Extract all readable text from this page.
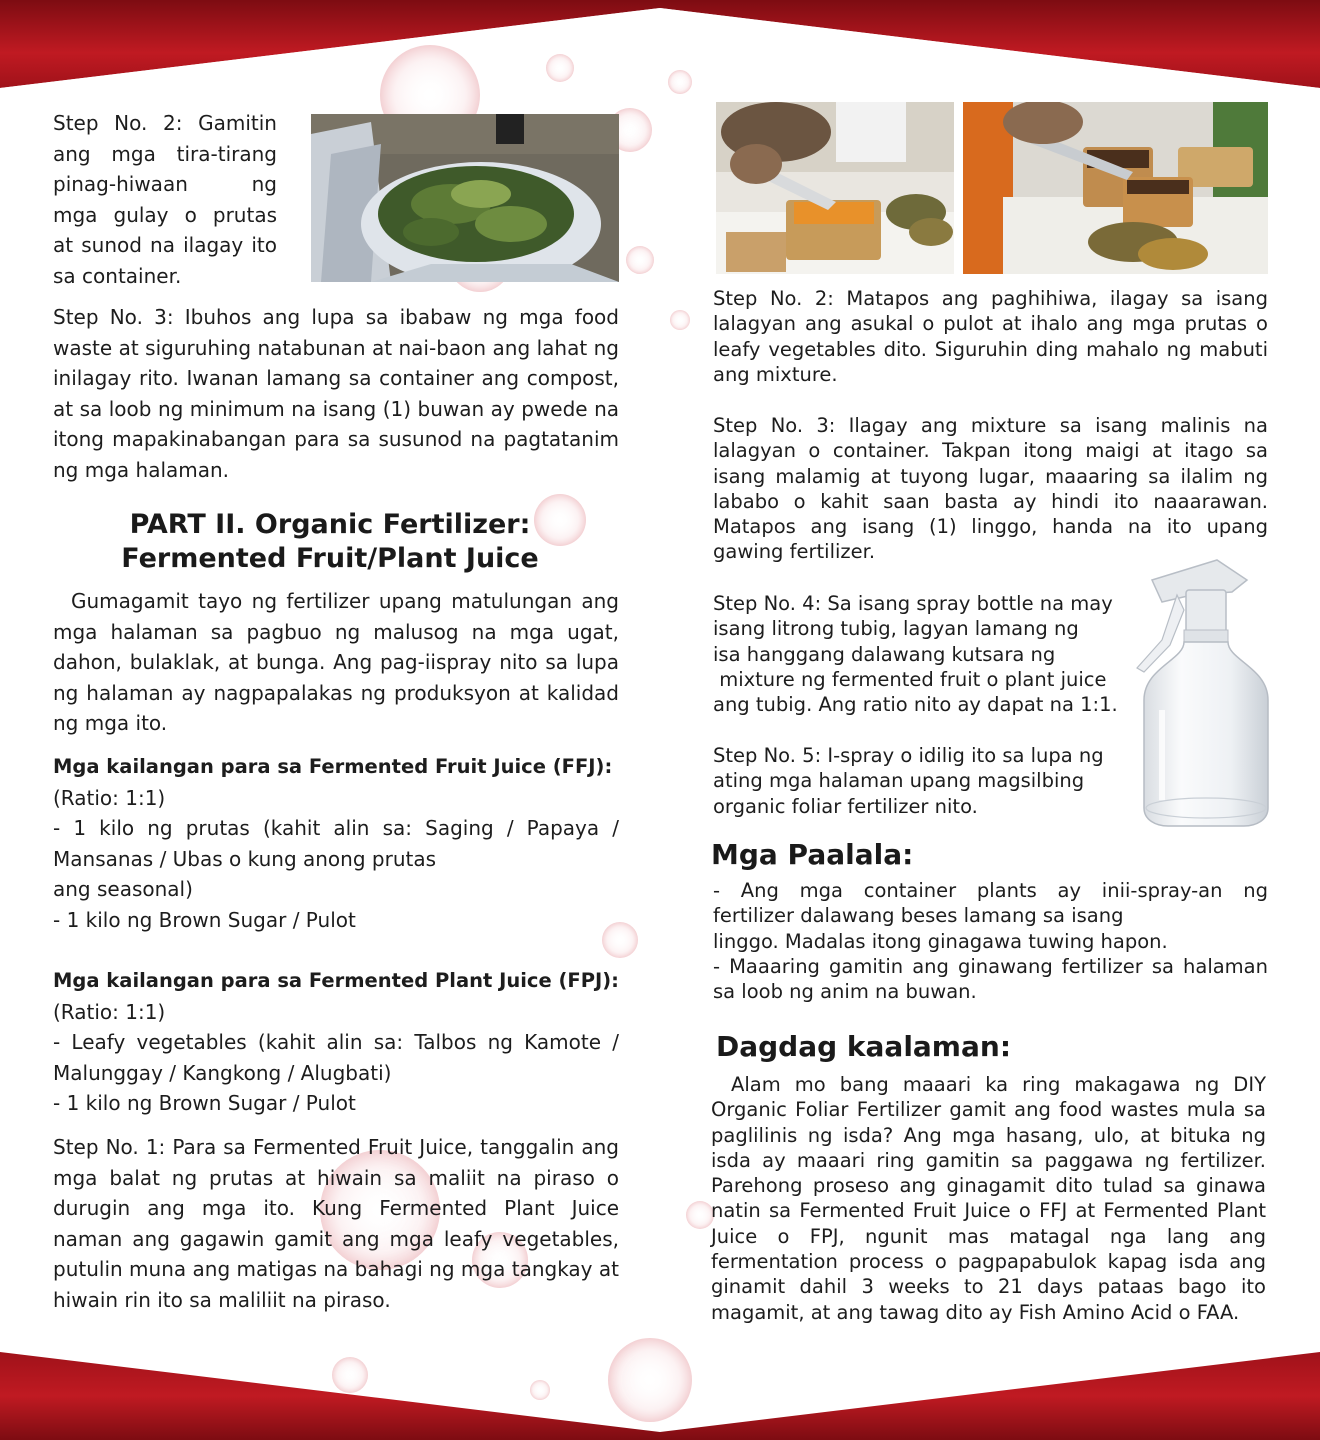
Step No. 2: Gamitin
ang mga tira-tirang
pinag-hiwaan ng
mga gulay o prutas
at sunod na ilagay ito
sa container.

Step No. 3: Ibuhos ang lupa sa ibabaw ng mga food waste at siguruhing natabunan at nai-baon ang lahat ng inilagay rito. Iwanan lamang sa container ang compost, at sa loob ng minimum na isang (1) buwan ay pwede na itong mapakinabangan para sa susunod na pagtatanim ng mga halaman.

PART II. Organic Fertilizer:
Fermented Fruit/Plant Juice

Gumagamit tayo ng fertilizer upang matulungan ang mga halaman sa pagbuo ng malusog na mga ugat, dahon, bulaklak, at bunga. Ang pag-iispray nito sa lupa ng halaman ay nagpapalakas ng produksyon at kalidad ng mga ito.

Mga kailangan para sa Fermented Fruit Juice (FFJ):

(Ratio: 1:1)

- 1 kilo ng prutas (kahit alin sa: Saging / Papaya / Mansanas / Ubas o kung anong prutas

ang seasonal)

- 1 kilo ng Brown Sugar / Pulot

Mga kailangan para sa Fermented Plant Juice (FPJ):

(Ratio: 1:1)

- Leafy vegetables (kahit alin sa: Talbos ng Kamote / Malunggay / Kangkong / Alugbati)

- 1 kilo ng Brown Sugar / Pulot

Step No. 1: Para sa Fermented Fruit Juice, tanggalin ang mga balat ng prutas at hiwain sa maliit na piraso o durugin ang mga ito. Kung Fermented Plant Juice naman ang gagawin gamit ang mga leafy vegetables, putulin muna ang matigas na bahagi ng mga tangkay at hiwain rin ito sa maliliit na piraso.

Step No. 2: Matapos ang paghihiwa, ilagay sa isang lalagyan ang asukal o pulot at ihalo ang mga prutas o leafy vegetables dito. Siguruhin ding mahalo ng mabuti ang mixture.

Step No. 3: Ilagay ang mixture sa isang malinis na lalagyan o container. Takpan itong maigi at itago sa isang malamig at tuyong lugar, maaaring sa ilalim ng lababo o kahit saan basta ay hindi ito naaarawan. Matapos ang isang (1) linggo, handa na ito upang gawing fertilizer.

Step No. 4: Sa isang spray bottle na may
isang litrong tubig, lagyan lamang ng
isa hanggang dalawang kutsara ng
mixture ng fermented fruit o plant juice
ang tubig. Ang ratio nito ay dapat na 1:1.

Step No. 5: I-spray o idilig ito sa lupa ng
ating mga halaman upang magsilbing
organic foliar fertilizer nito.

Mga Paalala:

- Ang mga container plants ay inii-spray-an ng

fertilizer dalawang beses lamang sa isang

linggo. Madalas itong ginagawa tuwing hapon.

- Maaaring gamitin ang ginawang fertilizer sa halaman sa loob ng anim na buwan.

Dagdag kaalaman:

Alam mo bang maaari ka ring makagawa ng DIY Organic Foliar Fertilizer gamit ang food wastes mula sa paglilinis ng isda? Ang mga hasang, ulo, at bituka ng isda ay maaari ring gamitin sa paggawa ng fertilizer. Parehong proseso ang ginagamit dito tulad sa ginawa natin sa Fermented Fruit Juice o FFJ at Fermented Plant Juice o FPJ, ngunit mas matagal nga lang ang fermentation process o pagpapabulok kapag isda ang ginamit dahil 3 weeks to 21 days pataas bago ito magamit, at ang tawag dito ay Fish Amino Acid o FAA.
